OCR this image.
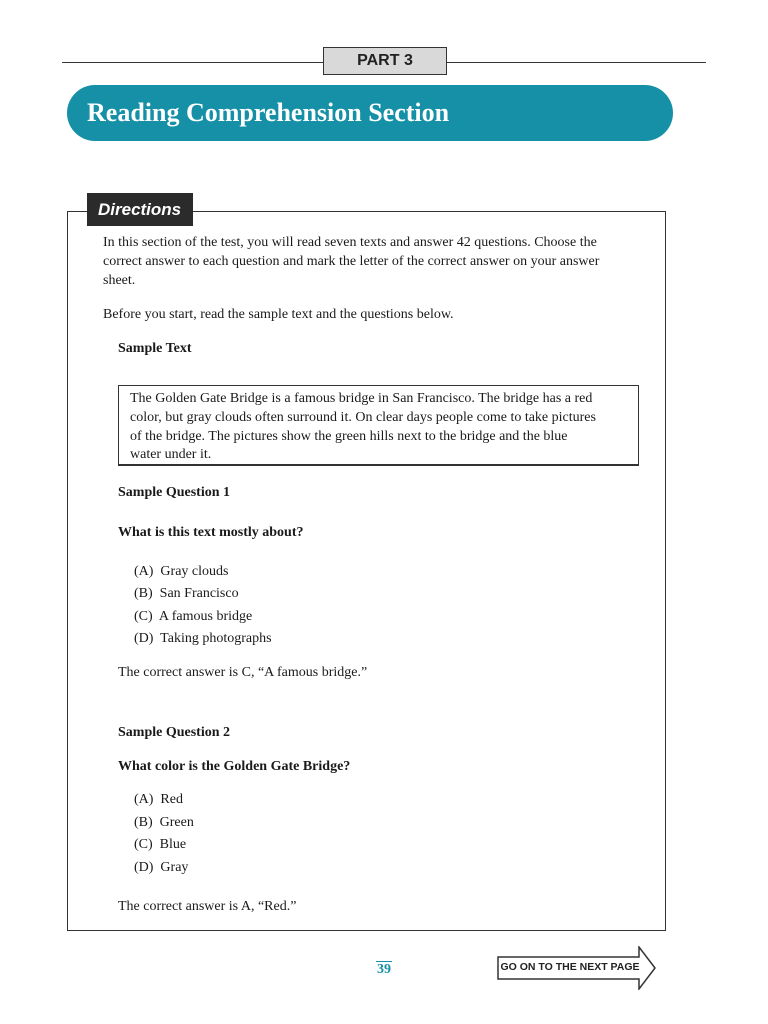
PART 3
Reading Comprehension Section
Directions
In this section of the test, you will read seven texts and answer 42 questions. Choose the
correct answer to each question and mark the letter of the correct answer on your answer
sheet.
Before you start, read the sample text and the questions below.
Sample Text
The Golden Gate Bridge is a famous bridge in San Francisco. The bridge has a red
color, but gray clouds often surround it. On clear days people come to take pictures
of the bridge. The pictures show the green hills next to the bridge and the blue
water under it.
Sample Question 1
What is this text mostly about?
(A)  Gray clouds
(B)  San Francisco
(C)  A famous bridge
(D)  Taking photographs
The correct answer is C, “A famous bridge.”
Sample Question 2
What color is the Golden Gate Bridge?
(A)  Red
(B)  Green
(C)  Blue
(D)  Gray
The correct answer is A, “Red.”
39	GO ON TO THE NEXT PAGE
